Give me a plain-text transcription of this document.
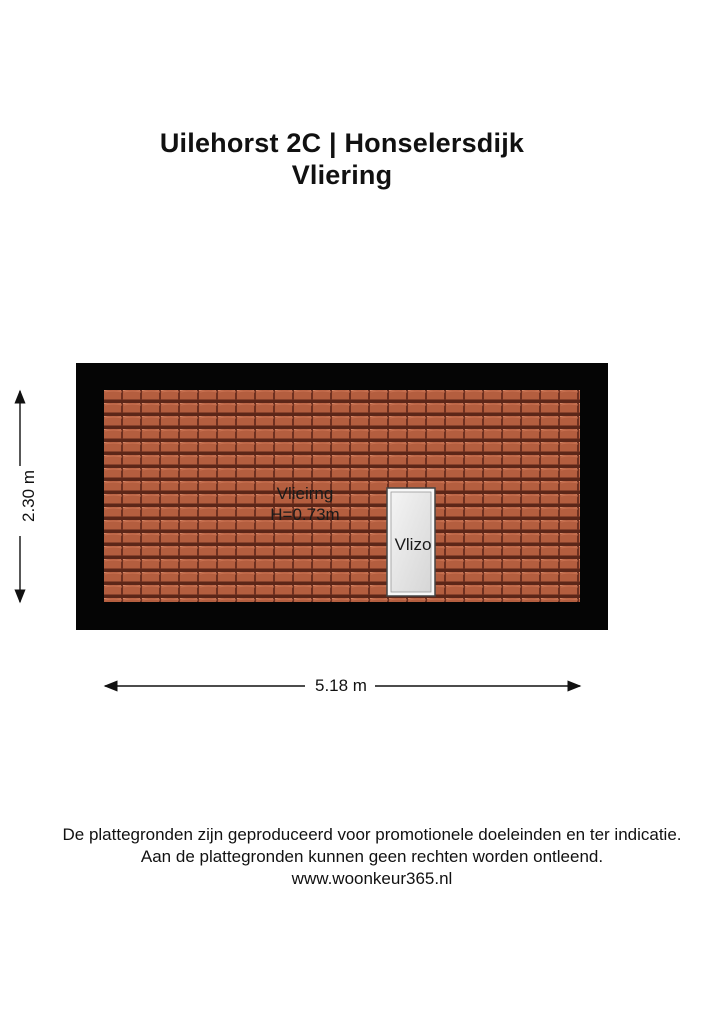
Uilehorst 2C | Honselersdijk
Vliering
Vlieirng
H=0.73m
Vlizo
5.18 m
2.30 m
De plattegronden zijn geproduceerd voor promotionele doeleinden en ter indicatie.
Aan de plattegronden kunnen geen rechten worden ontleend.
www.woonkeur365.nl
